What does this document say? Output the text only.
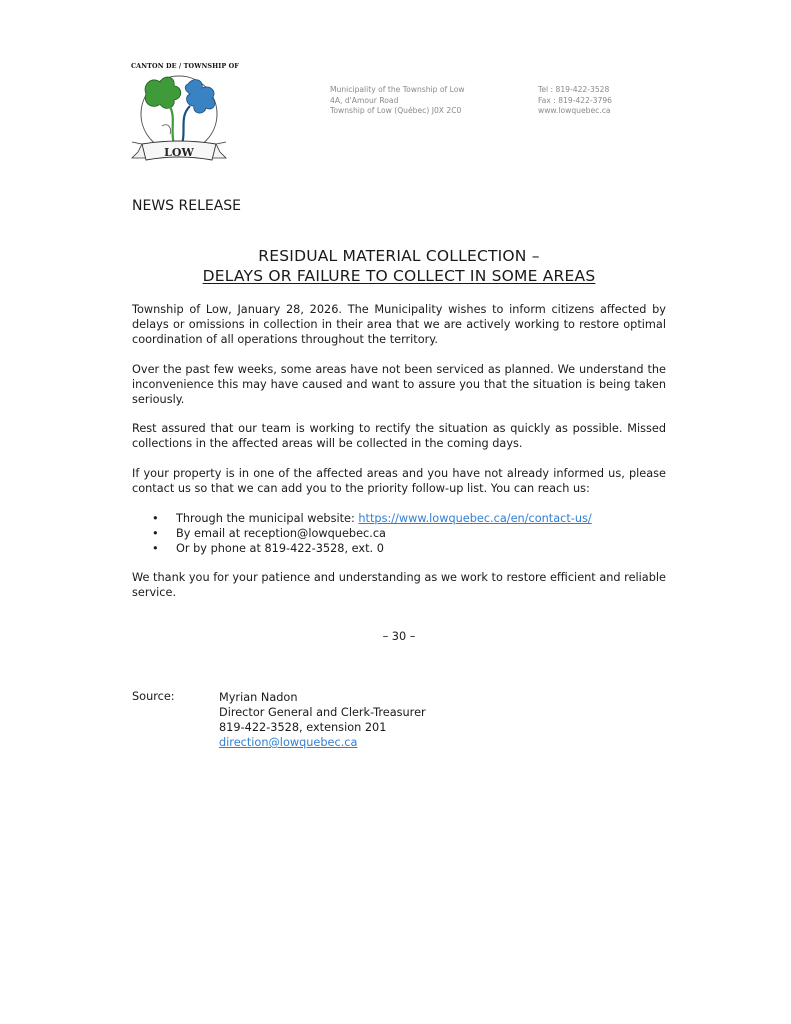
CANTON DE / TOWNSHIP OF
LOW
Municipality of the Township of Low
4A, d'Amour Road
Township of Low (Québec) J0X 2C0
Tel : 819-422-3528
Fax : 819-422-3796
www.lowquebec.ca
NEWS RELEASE
RESIDUAL MATERIAL COLLECTION –
DELAYS OR FAILURE TO COLLECT IN SOME AREAS
Township of Low, January 28, 2026. The Municipality wishes to inform citizens affected by delays or omissions in collection in their area that we are actively working to restore optimal coordination of all operations throughout the territory.
Over the past few weeks, some areas have not been serviced as planned. We understand the inconvenience this may have caused and want to assure you that the situation is being taken seriously.
Rest assured that our team is working to rectify the situation as quickly as possible. Missed collections in the affected areas will be collected in the coming days.
If your property is in one of the affected areas and you have not already informed us, please contact us so that we can add you to the priority follow-up list. You can reach us:
• Through the municipal website: https://www.lowquebec.ca/en/contact-us/
• By email at reception@lowquebec.ca
• Or by phone at 819-422-3528, ext. 0
We thank you for your patience and understanding as we work to restore efficient and reliable service.
– 30 –
Source:	Myrian Nadon
Director General and Clerk-Treasurer
819-422-3528, extension 201
direction@lowquebec.ca
